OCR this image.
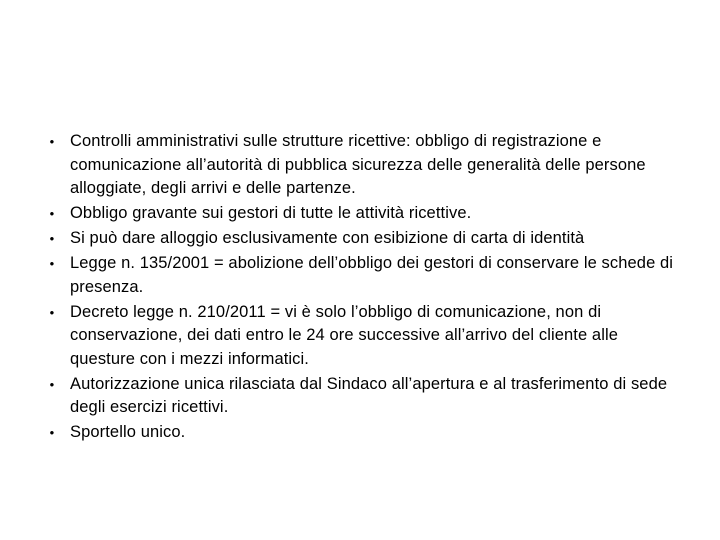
• Controlli amministrativi sulle strutture ricettive: obbligo di registrazione e comunicazione all’autorità di pubblica sicurezza delle generalità delle persone alloggiate, degli arrivi e delle partenze.
• Obbligo gravante sui gestori di tutte le attività ricettive.
• Si può dare alloggio esclusivamente con esibizione di carta di identità
• Legge n. 135/2001 = abolizione dell’obbligo dei gestori di conservare le schede di presenza.
• Decreto legge n. 210/2011 = vi è solo l’obbligo di comunicazione, non di conservazione, dei dati entro le 24 ore successive all’arrivo del cliente alle questure con i mezzi informatici.
• Autorizzazione unica rilasciata dal Sindaco all’apertura e al trasferimento di sede degli esercizi ricettivi.
• Sportello unico.
